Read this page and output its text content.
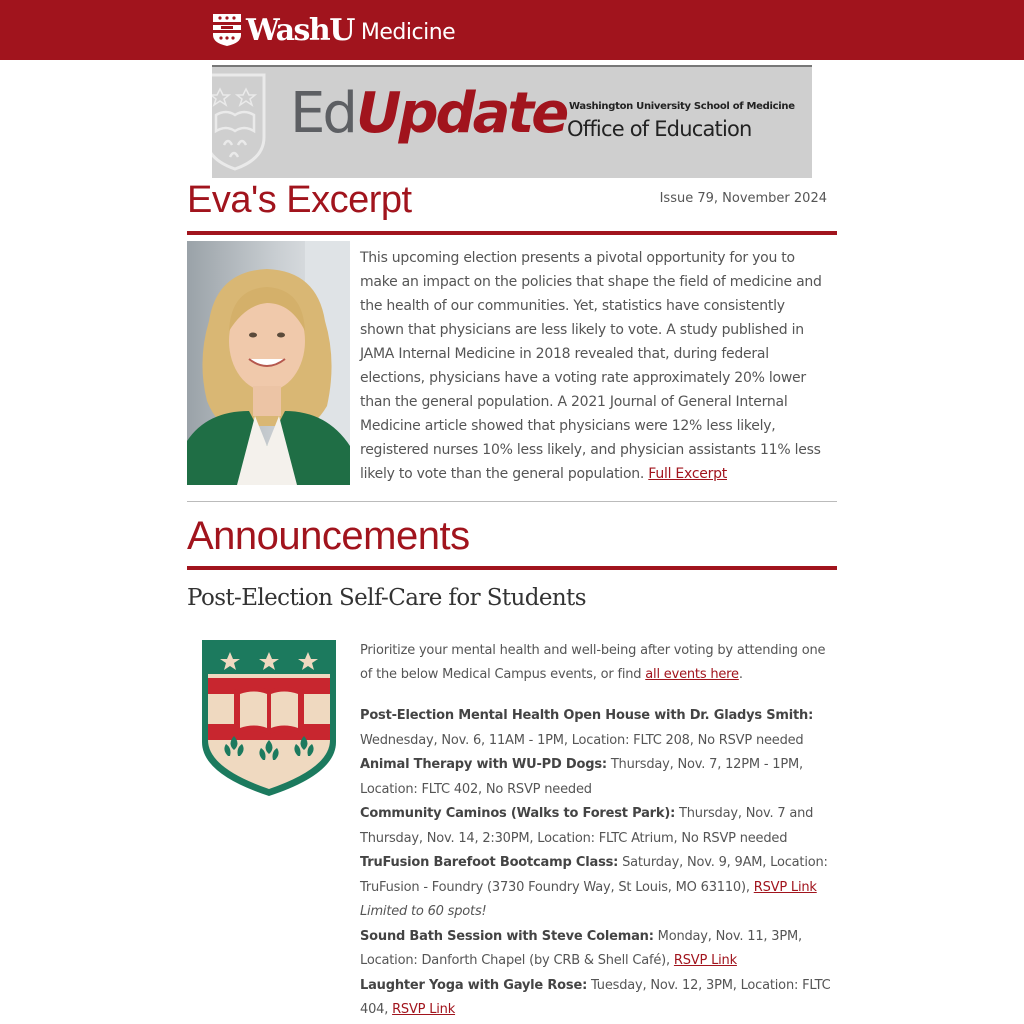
WashU Medicine
Ed Update Washington University School of Medicine
Office of Education
Eva's Excerpt	Issue 79, November 2024
This upcoming election presents a pivotal opportunity for you to make an impact on the policies that shape the field of medicine and the health of our communities. Yet, statistics have consistently shown that physicians are less likely to vote. A study published in JAMA Internal Medicine in 2018 revealed that, during federal elections, physicians have a voting rate approximately 20% lower than the general population. A 2021 Journal of General Internal Medicine article showed that physicians were 12% less likely, registered nurses 10% less likely, and physician assistants 11% less likely to vote than the general population. Full Excerpt
Announcements
Post-Election Self-Care for Students
Prioritize your mental health and well-being after voting by attending one of the below Medical Campus events, or find all events here.

Post-Election Mental Health Open House with Dr. Gladys Smith: Wednesday, Nov. 6, 11AM - 1PM, Location: FLTC 208, No RSVP needed

Animal Therapy with WU-PD Dogs: Thursday, Nov. 7, 12PM - 1PM, Location: FLTC 402, No RSVP needed

Community Caminos (Walks to Forest Park): Thursday, Nov. 7 and Thursday, Nov. 14, 2:30PM, Location: FLTC Atrium, No RSVP needed

TruFusion Barefoot Bootcamp Class: Saturday, Nov. 9, 9AM, Location: TruFusion - Foundry (3730 Foundry Way, St Louis, MO 63110), RSVP Link
Limited to 60 spots!

Sound Bath Session with Steve Coleman: Monday, Nov. 11, 3PM, Location: Danforth Chapel (by CRB & Shell Café), RSVP Link

Laughter Yoga with Gayle Rose: Tuesday, Nov. 12, 3PM, Location: FLTC 404, RSVP Link
